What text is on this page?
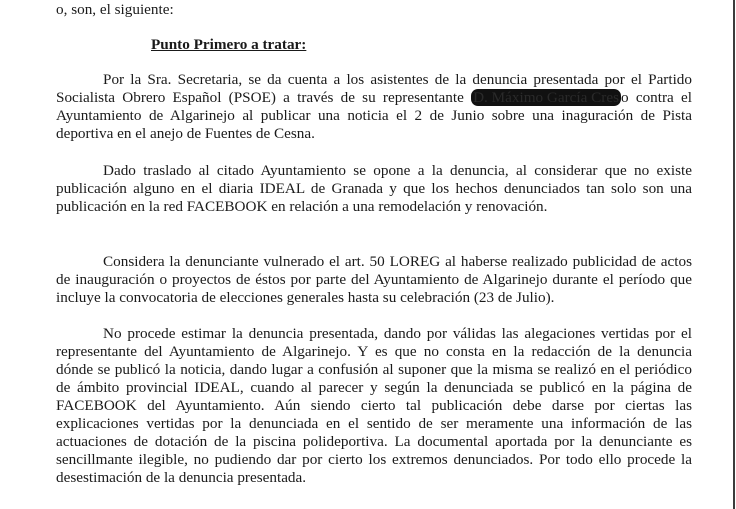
o, son, el siguiente:
Punto Primero a tratar:
Por la Sra. Secretaria, se da cuenta a los asistentes de la denuncia presentada por el Partido
Socialista Obrero Español (PSOE) a través de su representante D. Máximo García Cres o contra el
Ayuntamiento de Algarinejo al publicar una noticia el 2 de Junio sobre una inaguración de Pista
deportiva en el anejo de Fuentes de Cesna.
Dado traslado al citado Ayuntamiento se opone a la denuncia, al considerar que no existe
publicación alguno en el diaria IDEAL de Granada y que los hechos denunciados tan solo son una
publicación en la red FACEBOOK en relación a una remodelación y renovación.
Considera la denunciante vulnerado el art. 50 LOREG al haberse realizado publicidad de actos
de inauguración o proyectos de éstos por parte del Ayuntamiento de Algarinejo durante el período que
incluye la convocatoria de elecciones generales hasta su celebración (23 de Julio).
No procede estimar la denuncia presentada, dando por válidas las alegaciones vertidas por el
representante del Ayuntamiento de Algarinejo. Y es que no consta en la redacción de la denuncia
dónde se publicó la noticia, dando lugar a confusión al suponer que la misma se realizó en el periódico
de ámbito provincial IDEAL, cuando al parecer y según la denunciada se publicó en la página de
FACEBOOK del Ayuntamiento. Aún siendo cierto tal publicación debe darse por ciertas las
explicaciones vertidas por la denunciada en el sentido de ser meramente una información de las
actuaciones de dotación de la piscina polideportiva. La documental aportada por la denunciante es
sencillmante ilegible, no pudiendo dar por cierto los extremos denunciados. Por todo ello procede la
desestimación de la denuncia presentada.
